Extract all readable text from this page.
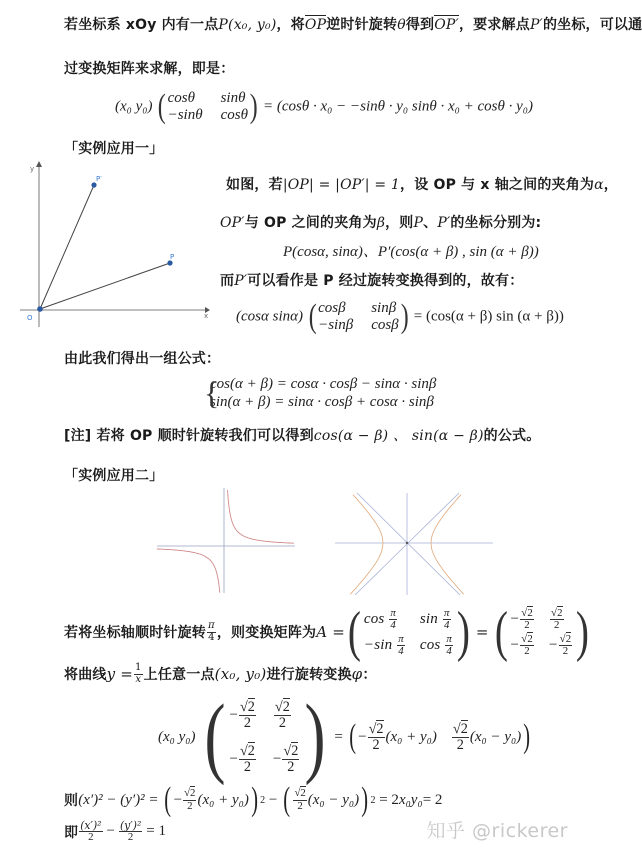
若坐标系 xOy 内有一点P(x₀, y₀)，将OP
逆时针旋转θ得到OP′
，要求解点P′的坐标，可以通
过变换矩阵来求解，即是：
(x₀ y₀) ( cosθ	sinθ
−sinθ cosθ ) = (cosθ · x₀ − −sinθ · y₀ sinθ · x₀ + cosθ · y₀)
「实例应用一」
y
x
O
P
P′	如图，若|OP| = |OP′| = 1，设 OP 与 x 轴之间的夹角为α，
OP′与 OP 之间的夹角为β，则P、P′的坐标分别为:
P(cosα, sinα)、P′(cos(α + β) , sin (α + β))
而P′可以看作是 P 经过旋转变换得到的，故有：
(cosα sinα) ( cosβ	sinβ
−sinβ cosβ ) = (cos(α + β) sin (α + β))
由此我们得出一组公式：
{
cos(α + β) = cosα · cosβ − sinα · sinβ
sin(α + β) = sinα · cosβ + cosα · sinβ
[注] 若将 OP 顺时针旋转我们可以得到cos(α − β) 、 sin(α − β)的公式。
「实例应用二」
若将坐标轴顺时针旋转 $\frac{\pi}{4}$ ，则变换矩阵为 A = ( $\cos \frac{\pi}{4}$ $\sin \frac{\pi}{4}$
$-\sin \frac{\pi}{4}$ $\cos \frac{\pi}{4}$ ) = ( − $\frac{√2}{2} \frac{√2}{2}$
− $\frac{√2}{2} - \frac{√2}{2}$ )
将曲线 $y = \frac{1}{x}$ 上任意一点 (x₀, y₀) 进行旋转变换 φ ：
(x₀ y₀) ( − $\frac{√2}{2} \frac{√2}{2}$
− $\frac{√2}{2} - \frac{√2}{2}$ ) = ( − $\frac{√2}{2} (x_0 + y_0) \frac{√2}{2} (x_0 - y_0)$ )
则 (x′)² − (y′)² =
( − $\frac{√2}{2} (x_0 + y_0)$ ) 2 − ( $\frac{√2}{2} (x_0 - y_0)$ ) 2 = 2 x₀y₀ = 2
即 $\frac{\text{(x′)²}}{2} - \frac{\text{(y′)²}}{2} = 1$	知乎 @rickerer
